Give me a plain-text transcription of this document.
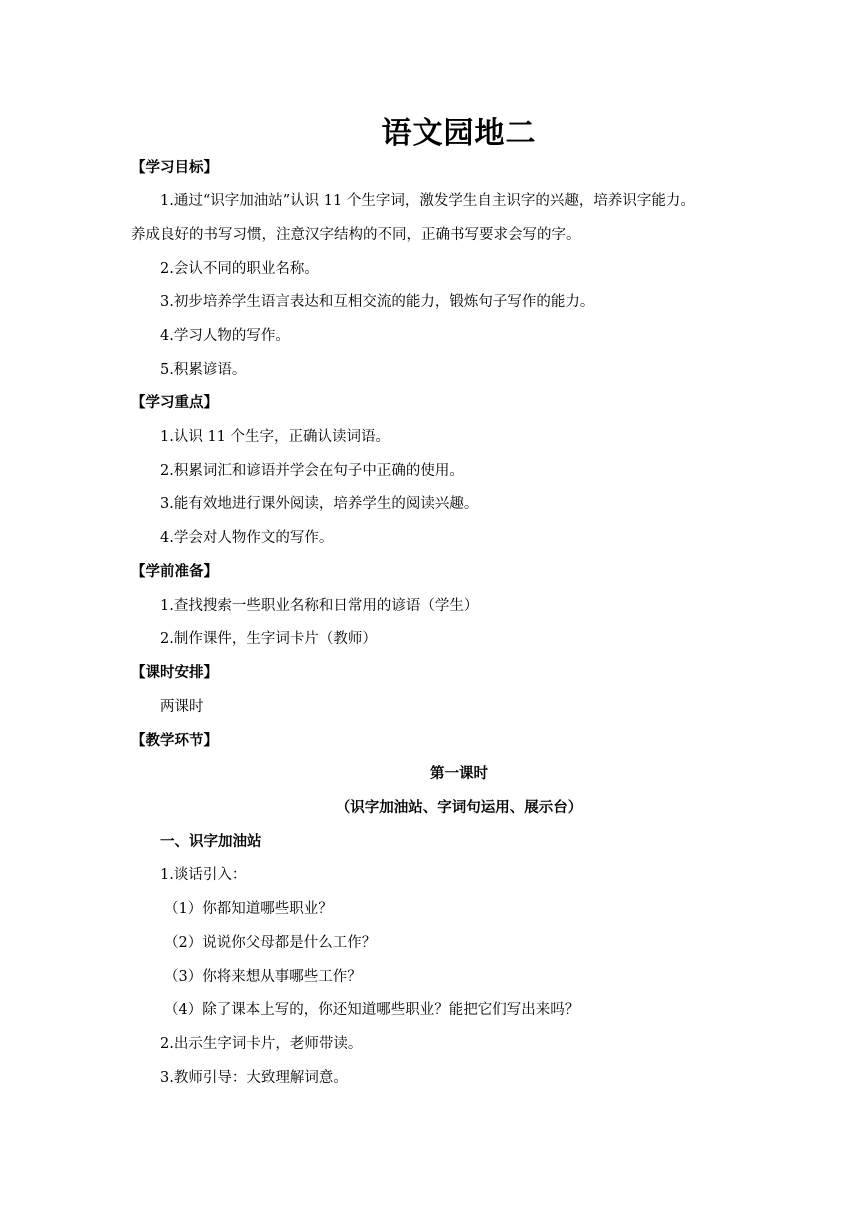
语文园地二
【学习目标】
1.通过“识字加油站”认识 11 个生字词，激发学生自主识字的兴趣，培养识字能力。
养成良好的书写习惯，注意汉字结构的不同，正确书写要求会写的字。
2.会认不同的职业名称。
3.初步培养学生语言表达和互相交流的能力，锻炼句子写作的能力。
4.学习人物的写作。
5.积累谚语。
【学习重点】
1.认识 11 个生字，正确认读词语。
2.积累词汇和谚语并学会在句子中正确的使用。
3.能有效地进行课外阅读，培养学生的阅读兴趣。
4.学会对人物作文的写作。
【学前准备】
1.查找搜索一些职业名称和日常用的谚语（学生）
2.制作课件，生字词卡片（教师）
【课时安排】
两课时
【教学环节】
第一课时
（识字加油站、字词句运用、展示台）
一、识字加油站
1.谈话引入：
（1）你都知道哪些职业？
（2）说说你父母都是什么工作？
（3）你将来想从事哪些工作？
（4）除了课本上写的，你还知道哪些职业？能把它们写出来吗？
2.出示生字词卡片，老师带读。
3.教师引导：大致理解词意。
